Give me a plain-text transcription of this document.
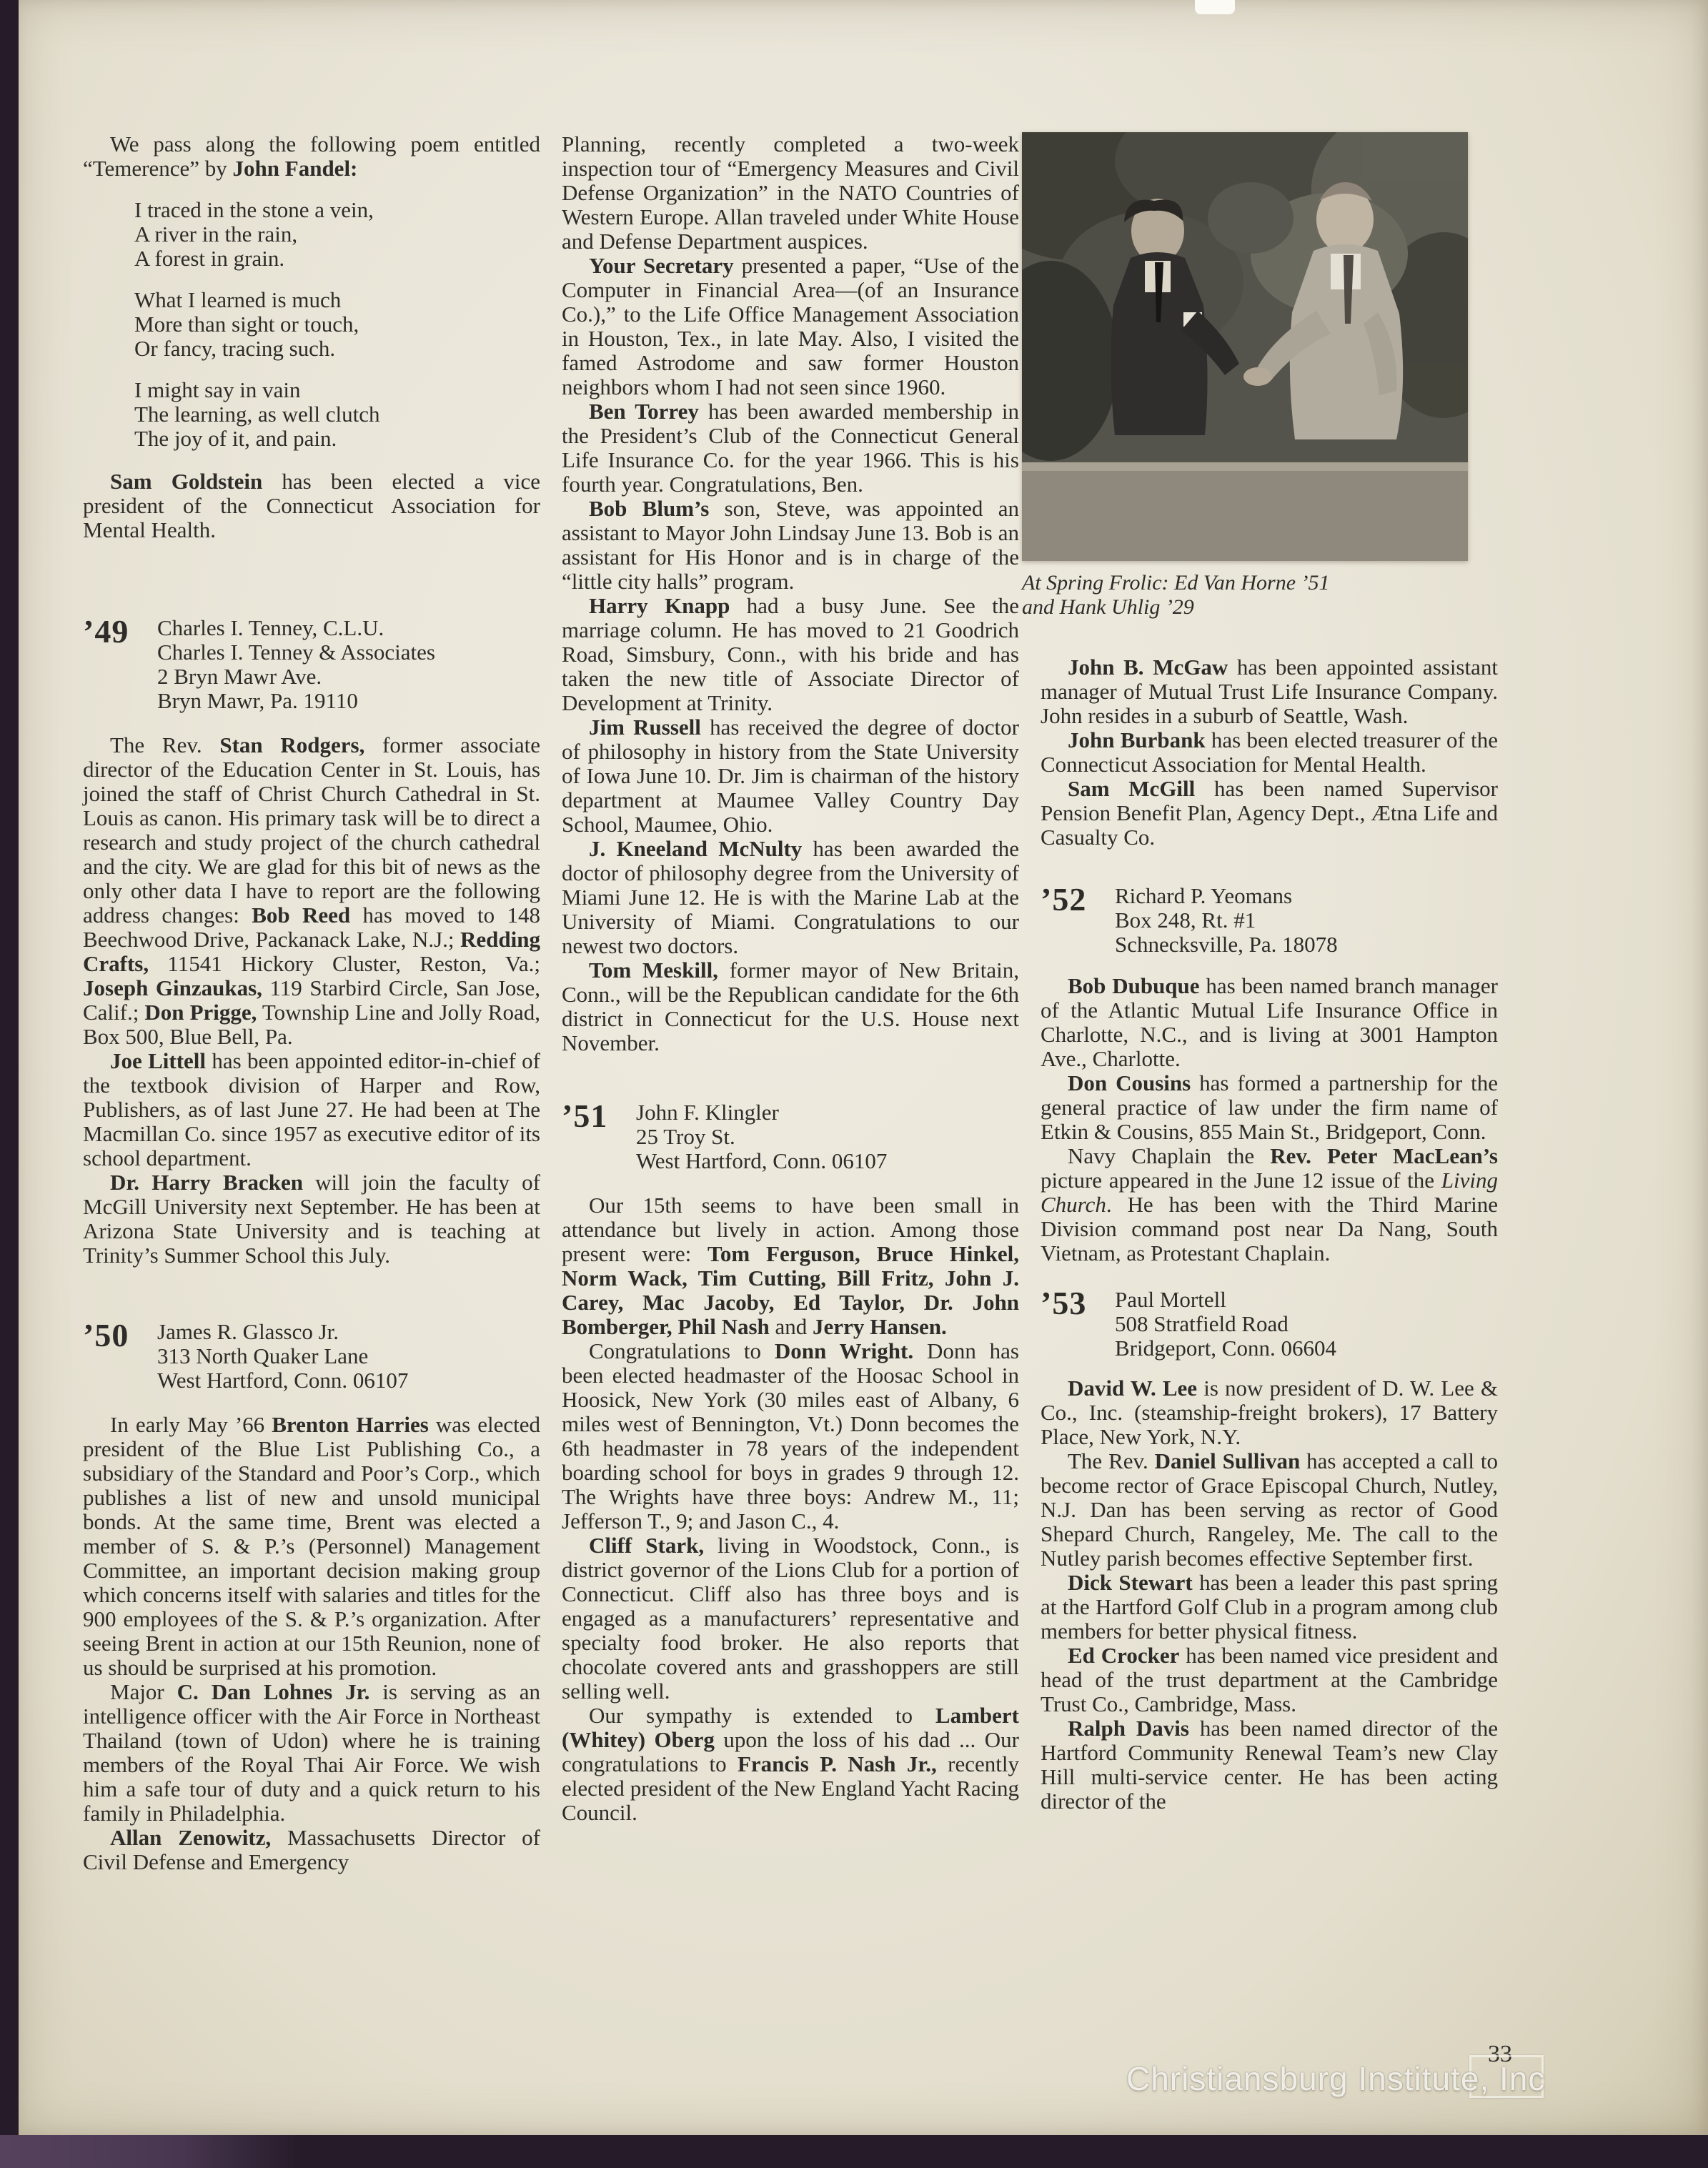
We pass along the following poem entitled “Temerence” by John Fandel:

I traced in the stone a vein,
A river in the rain,
A forest in grain.
What I learned is much
More than sight or touch,
Or fancy, tracing such.
I might say in vain
The learning, as well clutch
The joy of it, and pain.

Sam Goldstein has been elected a vice president of the Connecticut Association for Mental Health.

’49	Charles I. Tenney, C.L.U.
Charles I. Tenney & Associates
2 Bryn Mawr Ave.
Bryn Mawr, Pa. 19110

The Rev. Stan Rodgers, former associate director of the Education Center in St. Louis, has joined the staff of Christ Church Cathedral in St. Louis as canon. His primary task will be to direct a research and study project of the church cathedral and the city. We are glad for this bit of news as the only other data I have to report are the following address changes: Bob Reed has moved to 148 Beechwood Drive, Packanack Lake, N.J.; Redding Crafts, 11541 Hickory Cluster, Reston, Va.; Joseph Ginzaukas, 119 Starbird Circle, San Jose, Calif.; Don Prigge, Township Line and Jolly Road, Box 500, Blue Bell, Pa.

Joe Littell has been appointed editor-in-chief of the textbook division of Harper and Row, Publishers, as of last June 27. He had been at The Macmillan Co. since 1957 as executive editor of its school department.

Dr. Harry Bracken will join the faculty of McGill University next September. He has been at Arizona State University and is teaching at Trinity’s Summer School this July.

’50	James R. Glassco Jr.
313 North Quaker Lane
West Hartford, Conn. 06107

In early May ’66 Brenton Harries was elected president of the Blue List Publishing Co., a subsidiary of the Standard and Poor’s Corp., which publishes a list of new and unsold municipal bonds. At the same time, Brent was elected a member of S. & P.’s (Personnel) Management Committee, an important decision making group which concerns itself with salaries and titles for the 900 employees of the S. & P.’s organization. After seeing Brent in action at our 15th Reunion, none of us should be surprised at his promotion.

Major C. Dan Lohnes Jr. is serving as an intelligence officer with the Air Force in Northeast Thailand (town of Udon) where he is training members of the Royal Thai Air Force. We wish him a safe tour of duty and a quick return to his family in Philadelphia.

Allan Zenowitz, Massachusetts Director of Civil Defense and Emergency

Planning, recently completed a two-week inspection tour of “Emergency Measures and Civil Defense Organization” in the NATO Countries of Western Europe. Allan traveled under White House and Defense Department auspices.

Your Secretary presented a paper, “Use of the Computer in Financial Area—(of an Insurance Co.),” to the Life Office Management Association in Houston, Tex., in late May. Also, I visited the famed Astrodome and saw former Houston neighbors whom I had not seen since 1960.

Ben Torrey has been awarded membership in the President’s Club of the Connecticut General Life Insurance Co. for the year 1966. This is his fourth year. Congratulations, Ben.

Bob Blum’s son, Steve, was appointed an assistant to Mayor John Lindsay June 13. Bob is an assistant for His Honor and is in charge of the “little city halls” program.

Harry Knapp had a busy June. See the marriage column. He has moved to 21 Goodrich Road, Simsbury, Conn., with his bride and has taken the new title of Associate Director of Development at Trinity.

Jim Russell has received the degree of doctor of philosophy in history from the State University of Iowa June 10. Dr. Jim is chairman of the history department at Maumee Valley Country Day School, Maumee, Ohio.

J. Kneeland McNulty has been awarded the doctor of philosophy degree from the University of Miami June 12. He is with the Marine Lab at the University of Miami. Congratulations to our newest two doctors.

Tom Meskill, former mayor of New Britain, Conn., will be the Republican candidate for the 6th district in Connecticut for the U.S. House next November.

’51	John F. Klingler
25 Troy St.
West Hartford, Conn. 06107

Our 15th seems to have been small in attendance but lively in action. Among those present were: Tom Ferguson, Bruce Hinkel, Norm Wack, Tim Cutting, Bill Fritz, John J. Carey, Mac Jacoby, Ed Taylor, Dr. John Bomberger, Phil Nash and Jerry Hansen.

Congratulations to Donn Wright. Donn has been elected headmaster of the Hoosac School in Hoosick, New York (30 miles east of Albany, 6 miles west of Bennington, Vt.) Donn becomes the 6th headmaster in 78 years of the independent boarding school for boys in grades 9 through 12. The Wrights have three boys: Andrew M., 11; Jefferson T., 9; and Jason C., 4.

Cliff Stark, living in Woodstock, Conn., is district governor of the Lions Club for a portion of Connecticut. Cliff also has three boys and is engaged as a manufacturers’ representative and specialty food broker. He also reports that chocolate covered ants and grasshoppers are still selling well.

Our sympathy is extended to Lambert (Whitey) Oberg upon the loss of his dad ... Our congratulations to Francis P. Nash Jr., recently elected president of the New England Yacht Racing Council.

At Spring Frolic: Ed Van Horne ’51
and Hank Uhlig ’29

John B. McGaw has been appointed assistant manager of Mutual Trust Life Insurance Company. John resides in a suburb of Seattle, Wash.

John Burbank has been elected treasurer of the Connecticut Association for Mental Health.

Sam McGill has been named Supervisor Pension Benefit Plan, Agency Dept., Ætna Life and Casualty Co.

’52	Richard P. Yeomans
Box 248, Rt. #1
Schnecksville, Pa. 18078

Bob Dubuque has been named branch manager of the Atlantic Mutual Life Insurance Office in Charlotte, N.C., and is living at 3001 Hampton Ave., Charlotte.

Don Cousins has formed a partnership for the general practice of law under the firm name of Etkin & Cousins, 855 Main St., Bridgeport, Conn.

Navy Chaplain the Rev. Peter MacLean’s picture appeared in the June 12 issue of the Living Church. He has been with the Third Marine Division command post near Da Nang, South Vietnam, as Protestant Chaplain.

’53	Paul Mortell
508 Stratfield Road
Bridgeport, Conn. 06604

David W. Lee is now president of D. W. Lee & Co., Inc. (steamship-freight brokers), 17 Battery Place, New York, N.Y.

The Rev. Daniel Sullivan has accepted a call to become rector of Grace Episcopal Church, Nutley, N.J. Dan has been serving as rector of Good Shepard Church, Rangeley, Me. The call to the Nutley parish becomes effective September first.

Dick Stewart has been a leader this past spring at the Hartford Golf Club in a program among club members for better physical fitness.

Ed Crocker has been named vice president and head of the trust department at the Cambridge Trust Co., Cambridge, Mass.

Ralph Davis has been named director of the Hartford Community Renewal Team’s new Clay Hill multi-service center. He has been acting director of the

33
Christiansburg Institute, Inc
